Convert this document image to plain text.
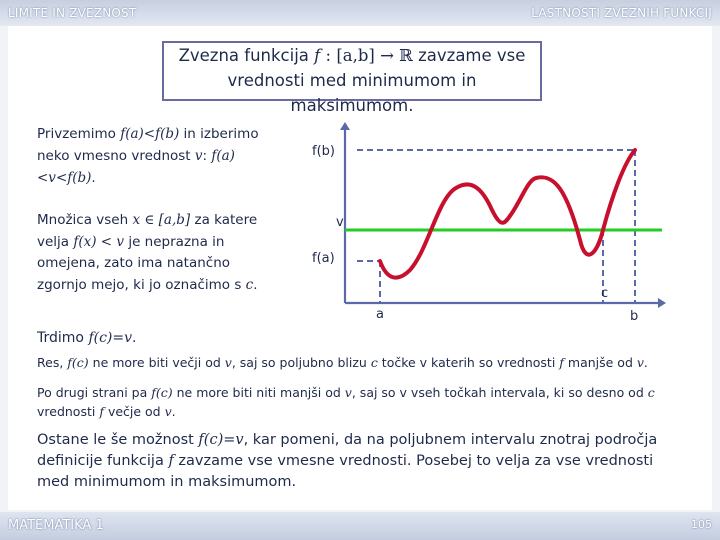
LIMITE IN ZVEZNOST	LASTNOSTI ZVEZNIH FUNKCIJ
Zvezna funkcija f : [a,b] → ℝ zavzame vse
vrednosti med minimumom in maksimumom.
Privzemimo f(a)<f(b) in izberimo neko vmesno vrednost v: f(a)<v<f(b).
Množica vseh x ∈ [a,b] za katere velja f(x) < v je neprazna in omejena, zato ima natančno zgornjo mejo, ki jo označimo s c.
f(b)
v
f(a)
a
c
b
Trdimo f(c)=v.
Res, f(c) ne more biti večji od v, saj so poljubno blizu c točke v katerih so vrednosti f manjše od v.
Po drugi strani pa f(c) ne more biti niti manjši od v, saj so v vseh točkah intervala, ki so desno od c vrednosti f večje od v.
Ostane le še možnost f(c)=v, kar pomeni, da na poljubnem intervalu znotraj področja definicije funkcija f zavzame vse vmesne vrednosti. Posebej to velja za vse vrednosti med minimumom in maksimumom.
MATEMATIKA 1	105
